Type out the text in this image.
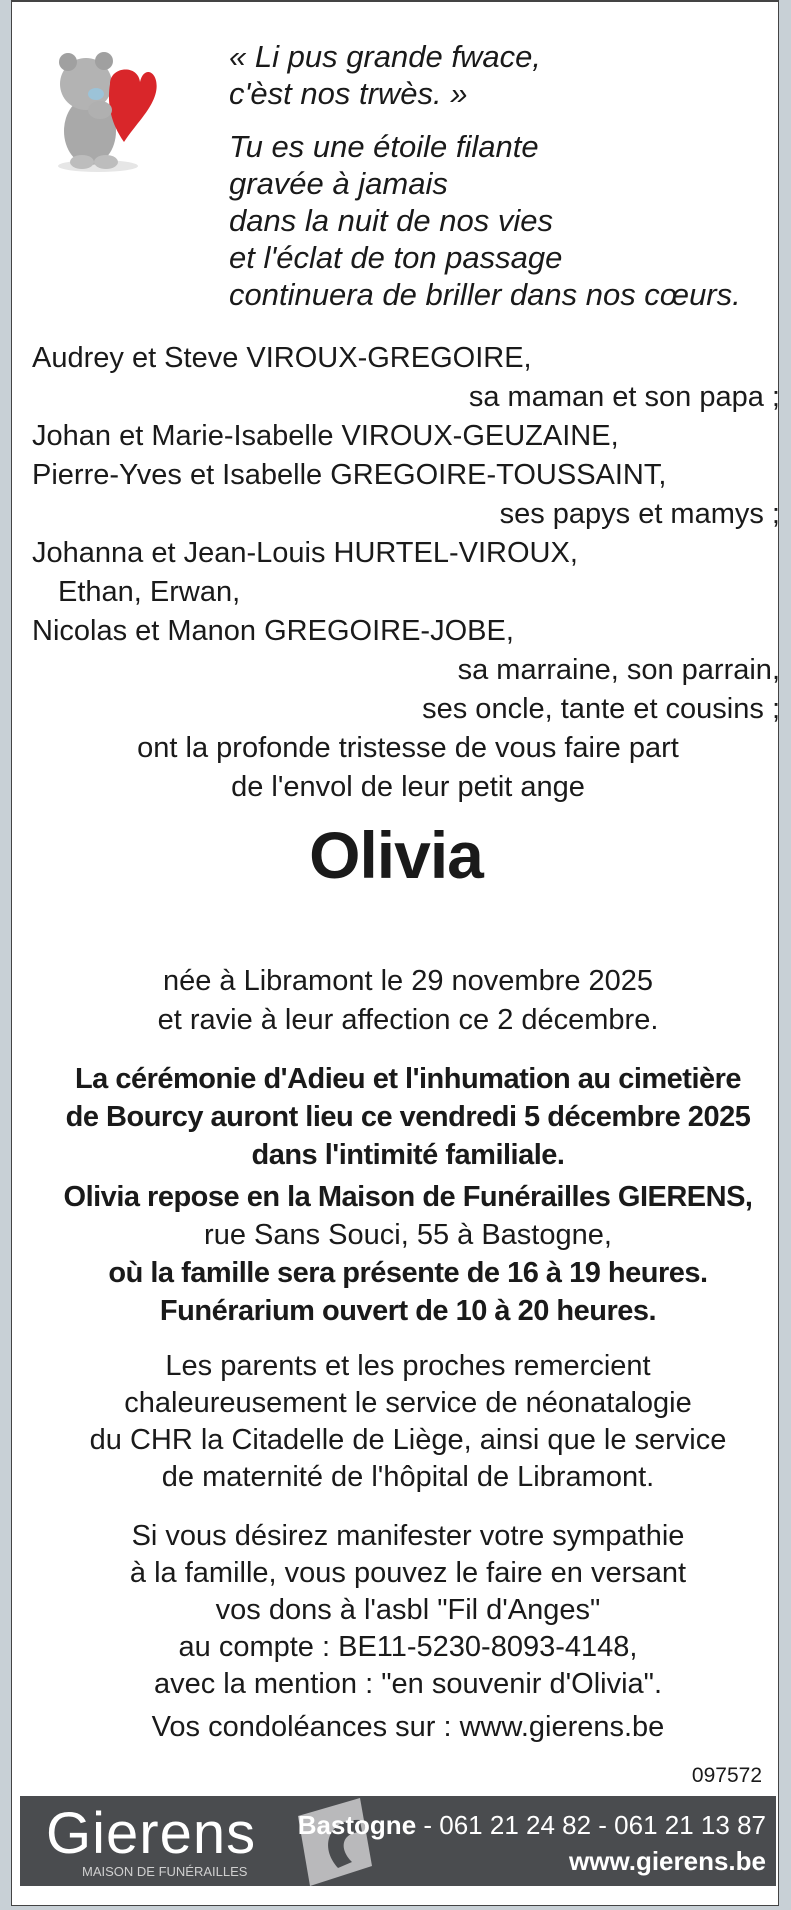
« Li pus grande fwace,
c'èst nos trwès. »
Tu es une étoile filante
gravée à jamais
dans la nuit de nos vies
et l'éclat de ton passage
continuera de briller dans nos cœurs.
Audrey et Steve VIROUX-GREGOIRE,
sa maman et son papa ;
Johan et Marie-Isabelle VIROUX-GEUZAINE,
Pierre-Yves et Isabelle GREGOIRE-TOUSSAINT,
ses papys et mamys ;
Johanna et Jean-Louis HURTEL-VIROUX,
Ethan, Erwan,
Nicolas et Manon GREGOIRE-JOBE,
sa marraine, son parrain,
ses oncle, tante et cousins ;
ont la profonde tristesse de vous faire part
de l'envol de leur petit ange
Olivia
née à Libramont le 29 novembre 2025
et ravie à leur affection ce 2 décembre.
La cérémonie d'Adieu et l'inhumation au cimetière
de Bourcy auront lieu ce vendredi 5 décembre 2025
dans l'intimité familiale.
Olivia repose en la Maison de Funérailles GIERENS,
rue Sans Souci, 55 à Bastogne,
où la famille sera présente de 16 à 19 heures.
Funérarium ouvert de 10 à 20 heures.
Les parents et les proches remercient
chaleureusement le service de néonatalogie
du CHR la Citadelle de Liège, ainsi que le service
de maternité de l'hôpital de Libramont.
Si vous désirez manifester votre sympathie
à la famille, vous pouvez le faire en versant
vos dons à l'asbl "Fil d'Anges"
au compte : BE11-5230-8093-4148,
avec la mention : "en souvenir d'Olivia".
Vos condoléances sur : www.gierens.be
097572
Gierens
MAISON DE FUNÉRAILLES
Bastogne - 061 21 24 82 - 061 21 13 87
www.gierens.be
